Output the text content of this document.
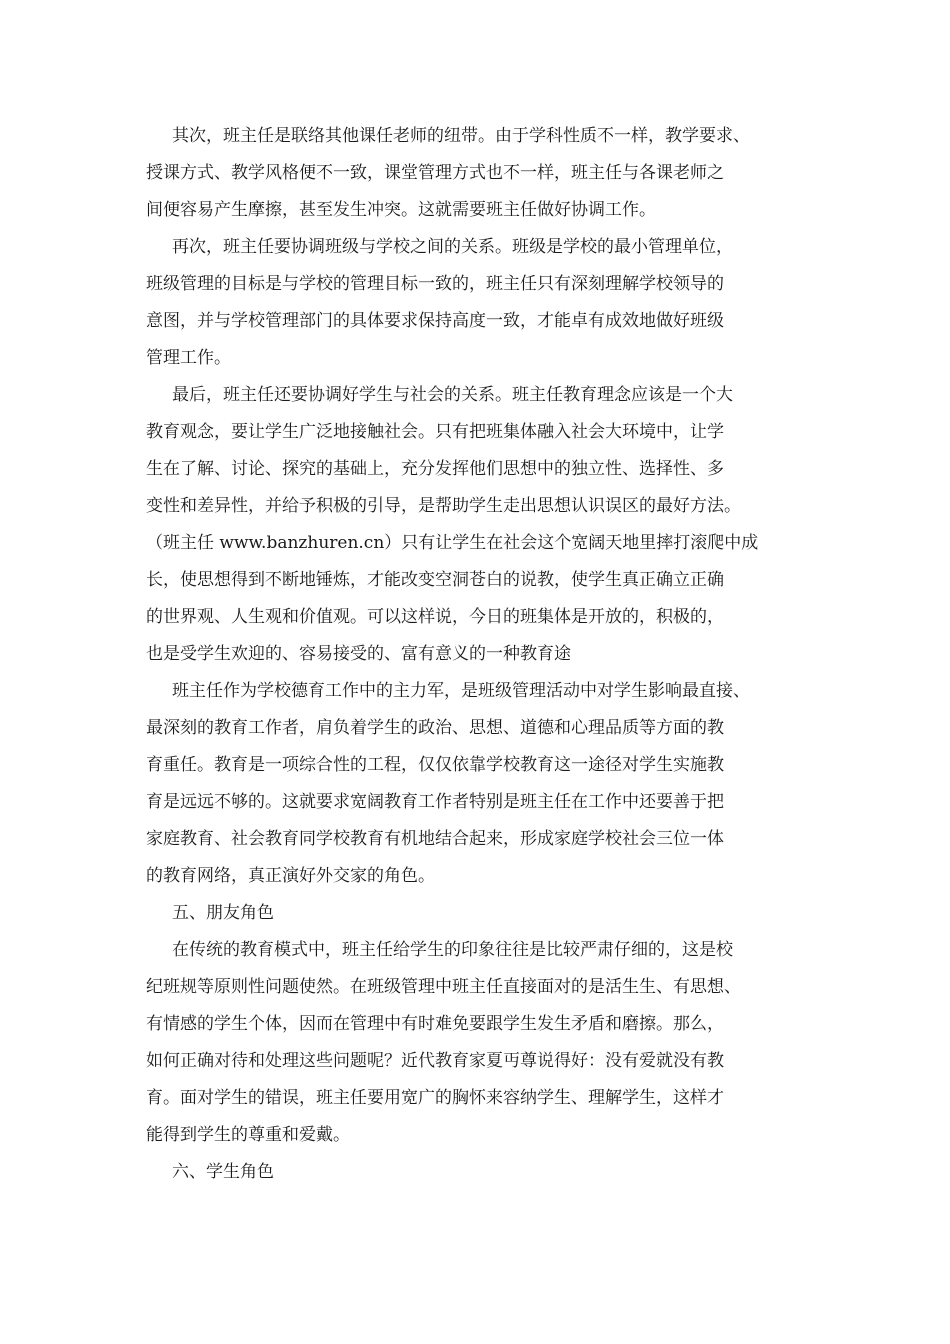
其次，班主任是联络其他课任老师的纽带。由于学科性质不一样，教学要求、
授课方式、教学风格便不一致，课堂管理方式也不一样，班主任与各课老师之
间便容易产生摩擦，甚至发生冲突。这就需要班主任做好协调工作。
再次，班主任要协调班级与学校之间的关系。班级是学校的最小管理单位，
班级管理的目标是与学校的管理目标一致的，班主任只有深刻理解学校领导的
意图，并与学校管理部门的具体要求保持高度一致，才能卓有成效地做好班级
管理工作。
最后，班主任还要协调好学生与社会的关系。班主任教育理念应该是一个大
教育观念，要让学生广泛地接触社会。只有把班集体融入社会大环境中，让学
生在了解、讨论、探究的基础上，充分发挥他们思想中的独立性、选择性、多
变性和差异性，并给予积极的引导，是帮助学生走出思想认识误区的最好方法。
（班主任 www.banzhuren.cn）只有让学生在社会这个宽阔天地里摔打滚爬中成
长，使思想得到不断地锤炼，才能改变空洞苍白的说教，使学生真正确立正确
的世界观、人生观和价值观。可以这样说，今日的班集体是开放的，积极的，
也是受学生欢迎的、容易接受的、富有意义的一种教育途
班主任作为学校德育工作中的主力军，是班级管理活动中对学生影响最直接、
最深刻的教育工作者，肩负着学生的政治、思想、道德和心理品质等方面的教
育重任。教育是一项综合性的工程，仅仅依靠学校教育这一途径对学生实施教
育是远远不够的。这就要求宽阔教育工作者特别是班主任在工作中还要善于把
家庭教育、社会教育同学校教育有机地结合起来，形成家庭学校社会三位一体
的教育网络，真正演好外交家的角色。
五、朋友角色
在传统的教育模式中，班主任给学生的印象往往是比较严肃仔细的，这是校
纪班规等原则性问题使然。在班级管理中班主任直接面对的是活生生、有思想、
有情感的学生个体，因而在管理中有时难免要跟学生发生矛盾和磨擦。那么，
如何正确对待和处理这些问题呢？近代教育家夏丏尊说得好：没有爱就没有教
育。面对学生的错误，班主任要用宽广的胸怀来容纳学生、理解学生，这样才
能得到学生的尊重和爱戴。
六、学生角色
